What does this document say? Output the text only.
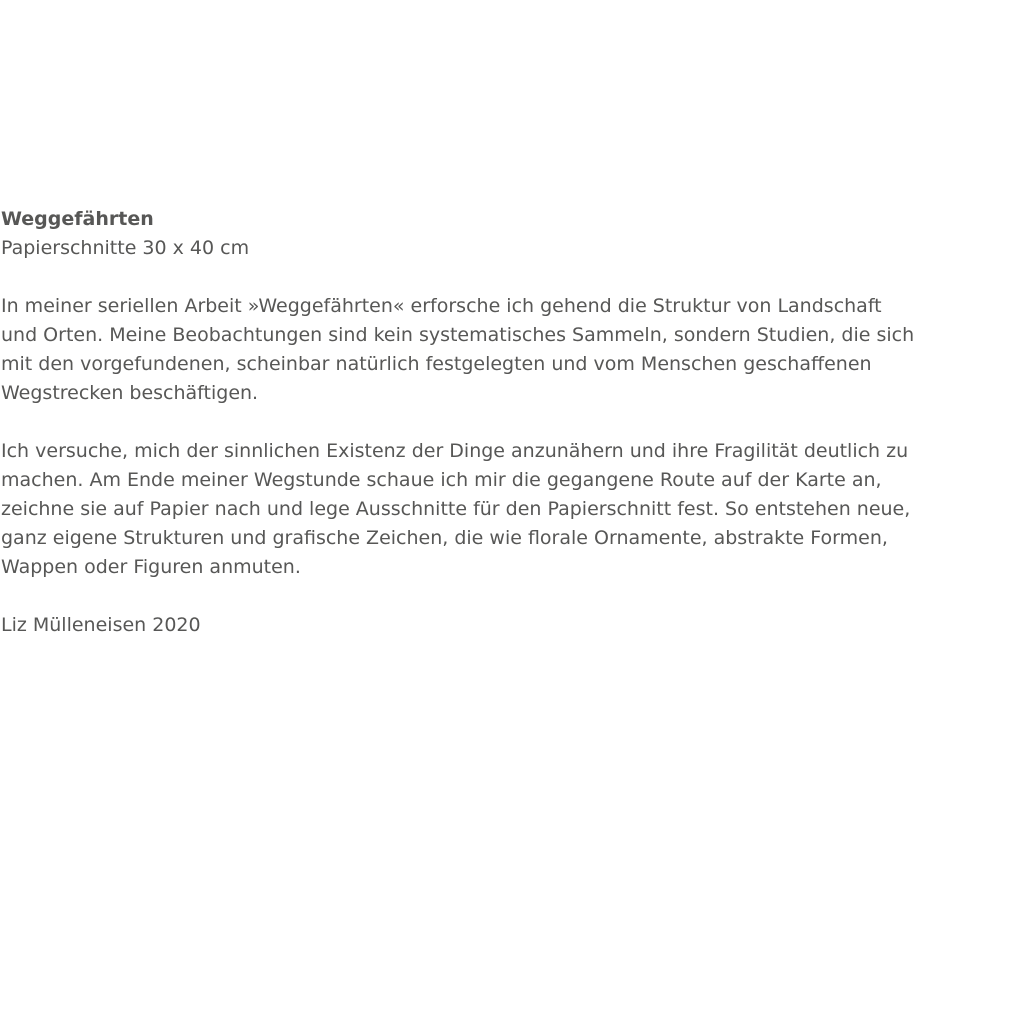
Weggefährten

Papierschnitte 30 x 40 cm

In meiner seriellen Arbeit »Weggefährten« erforsche ich gehend die Struktur von Landschaft
und Orten. Meine Beobachtungen sind kein systematisches Sammeln, sondern Studien, die sich
mit den vorgefundenen, scheinbar natürlich festgelegten und vom Menschen geschaffenen
Wegstrecken beschäftigen.

Ich versuche, mich der sinnlichen Existenz der Dinge anzunähern und ihre Fragilität deutlich zu
machen. Am Ende meiner Wegstunde schaue ich mir die gegangene Route auf der Karte an,
zeichne sie auf Papier nach und lege Ausschnitte für den Papierschnitt fest. So entstehen neue,
ganz eigene Strukturen und grafische Zeichen, die wie florale Ornamente, abstrakte Formen,
Wappen oder Figuren anmuten.

Liz Mülleneisen 2020
